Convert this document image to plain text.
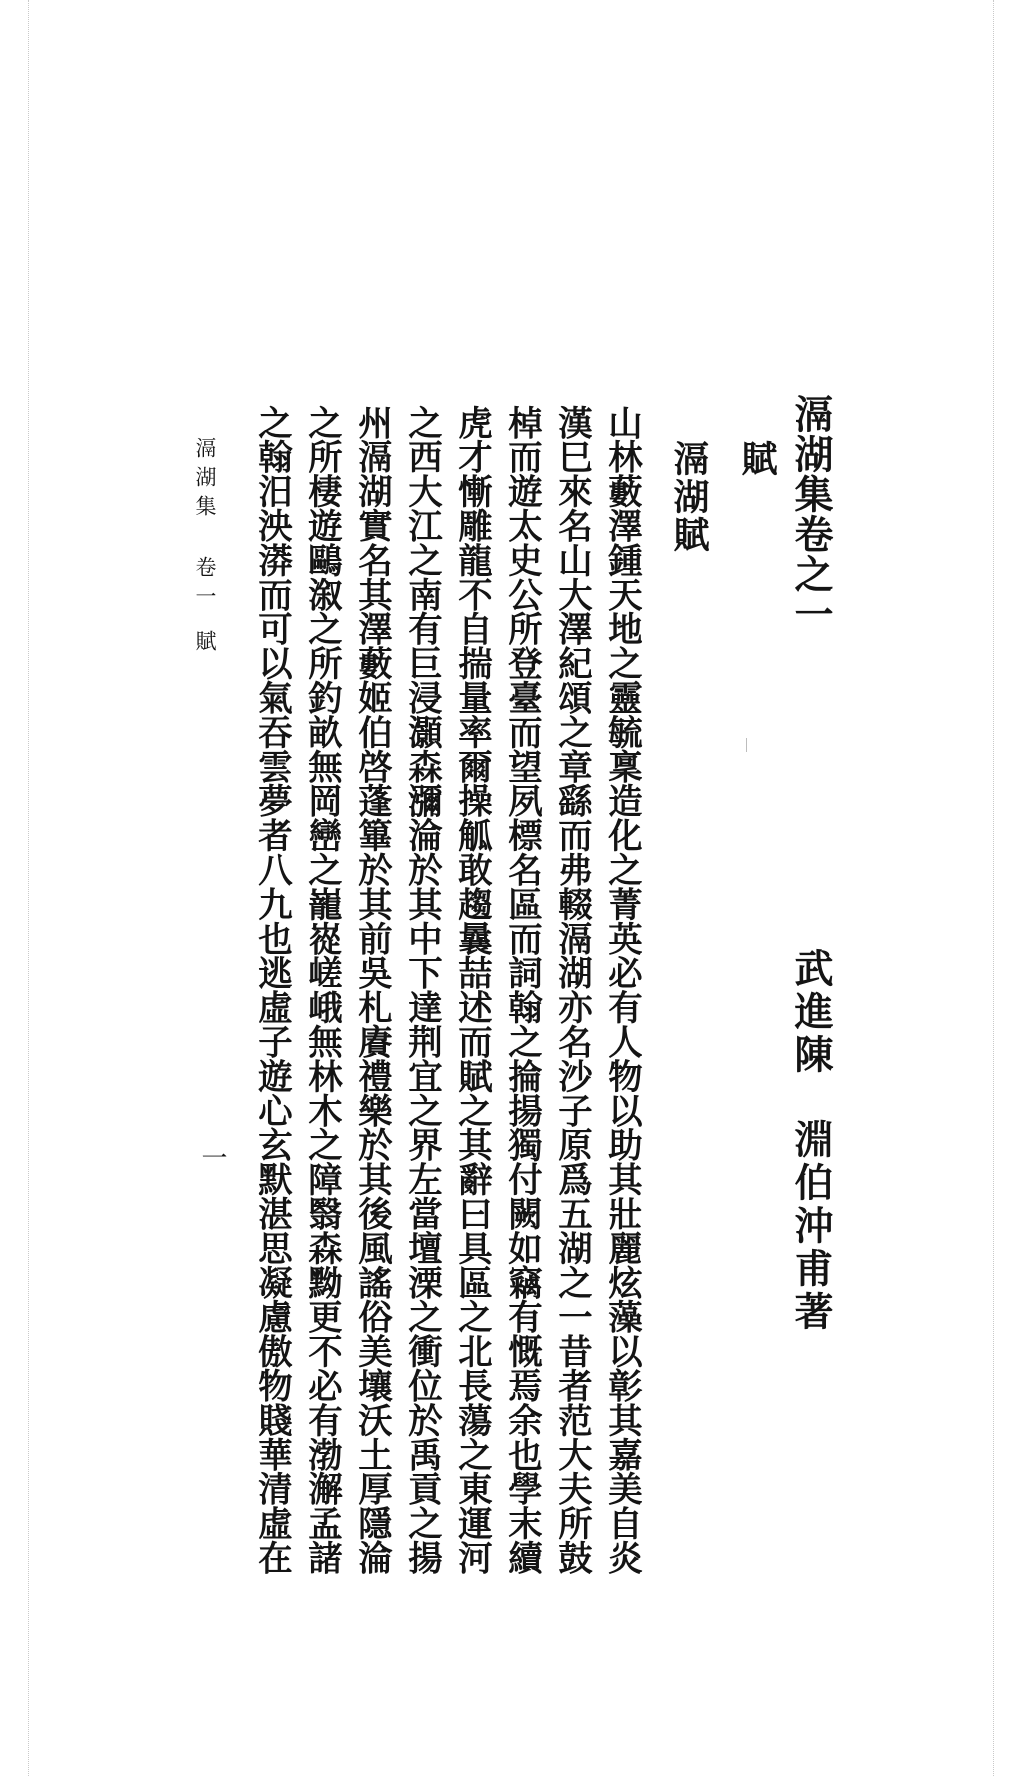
滆湖集卷之一
武進陳淵伯沖甫著
賦
滆湖賦
山林藪澤鍾天地之靈毓稟造化之菁英必有人物以助其壯麗炫藻以彰其嘉美自炎
漢巳來名山大澤紀頌之章繇而弗輟滆湖亦名沙子原爲五湖之一昔者范大夫所鼓
棹而遊太史公所登臺而望夙標名區而詞翰之掄揚獨付闕如竊有慨焉余也學末續
虎才慚雕龍不自揣量率爾操觚敢趨曩喆述而賦之其辭曰具區之北長蕩之東運河
之西大江之南有巨浸灝森瀰淪於其中下達荆宜之界左當壇溧之衝位於禹貢之揚
州滆湖實名其澤藪姬伯啓蓬篳於其前吳札賡禮樂於其後風謠俗美壤沃土厚隱淪
之所棲遊鷗溆之所釣畝無岡巒之巃嵸嵯峨無林木之障翳森黝更不必有渤澥孟諸
之翰汨泱漭而可以氣吞雲夢者八九也逃虛子遊心玄默湛思凝慮傲物賤華清虛在
滆湖集卷一賦
一
